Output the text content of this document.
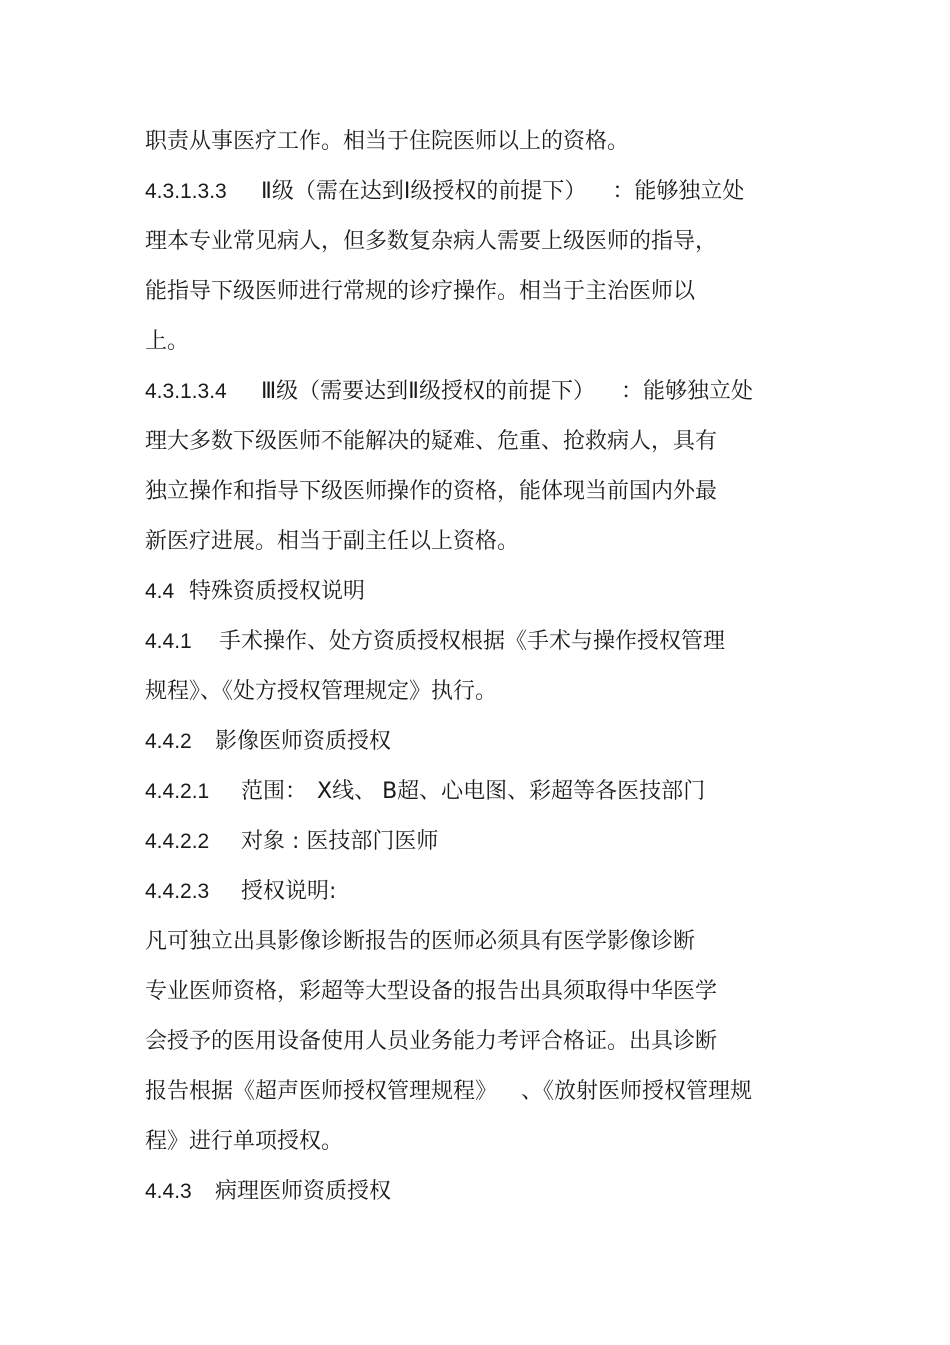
职责从事医疗工作。相当于住院医师以上的资格。
4.3.1.3.3 Ⅱ级（需在达到Ⅰ级授权的前提下） ：能够独立处
理本专业常见病人，但多数复杂病人需要上级医师的指导，
能指导下级医师进行常规的诊疗操作。相当于主治医师以
上。
4.3.1.3.4 Ⅲ级（需要达到Ⅱ级授权的前提下） ：能够独立处
理大多数下级医师不能解决的疑难、危重、抢救病人，具有
独立操作和指导下级医师操作的资格，能体现当前国内外最
新医疗进展。相当于副主任以上资格。
4.4 特殊资质授权说明
4.4.1 手术操作、处方资质授权根据《手术与操作授权管理
规程》、《处方授权管理规定》执行。
4.4.2 影像医师资质授权
4.4.2.1 范围： X线、 B超、心电图、彩超等各医技部门
4.4.2.2 对象 : 医技部门医师
4.4.2.3 授权说明:
凡可独立出具影像诊断报告的医师必须具有医学影像诊断
专业医师资格，彩超等大型设备的报告出具须取得中华医学
会授予的医用设备使用人员业务能力考评合格证。出具诊断
报告根据《超声医师授权管理规程》 、《放射医师授权管理规
程》进行单项授权。
4.4.3 病理医师资质授权
